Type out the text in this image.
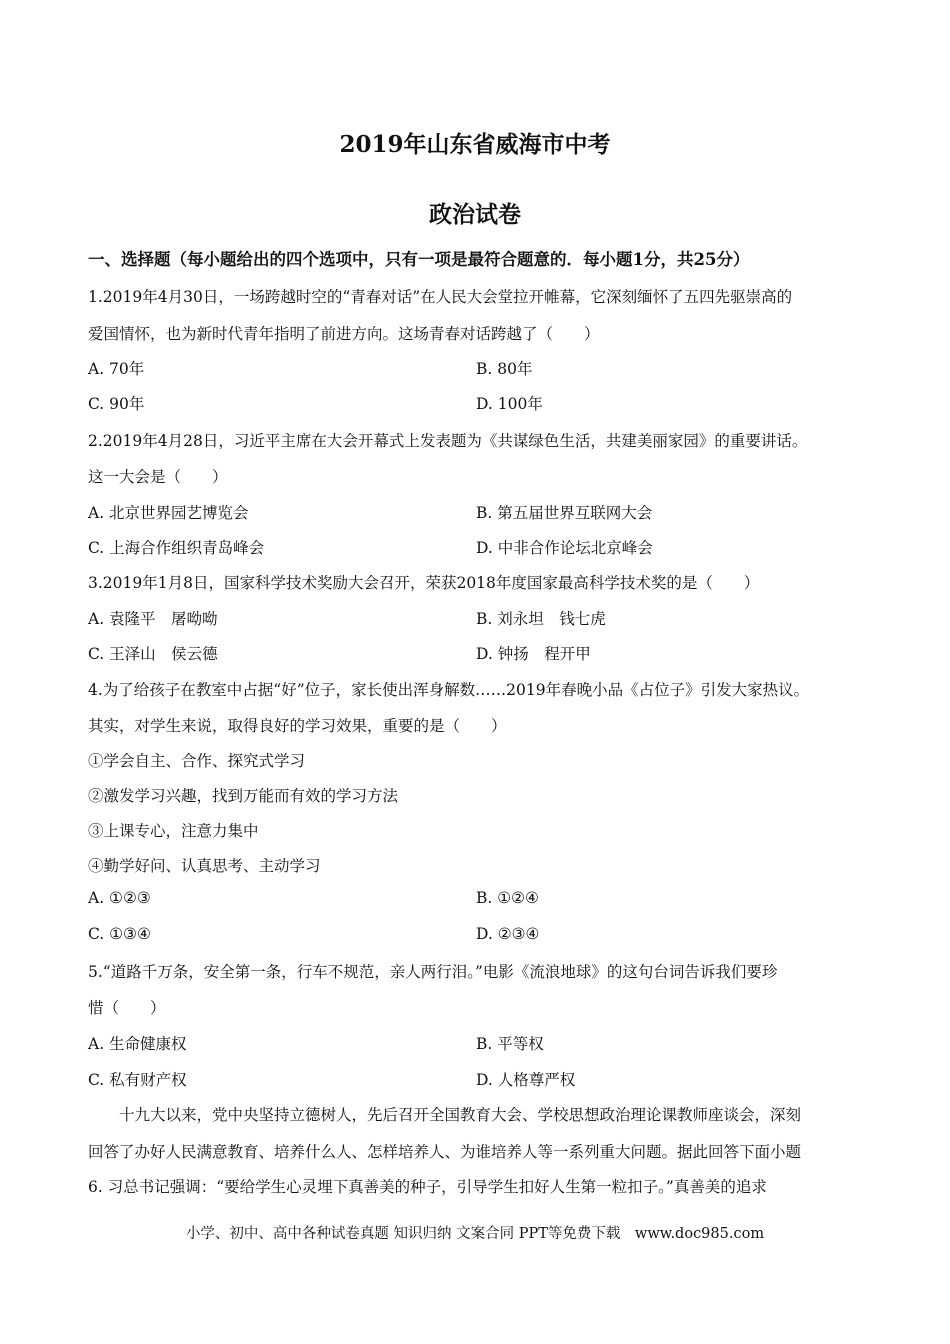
2019年山东省威海市中考
政治试卷
一、选择题（每小题给出的四个选项中，只有一项是最符合题意的．每小题1分，共25分）
1.2019年4月30日，一场跨越时空的“青春对话”在人民大会堂拉开帷幕，它深刻缅怀了五四先驱崇高的
爱国情怀，也为新时代青年指明了前进方向。这场青春对话跨越了（　　）
A. 70年	B. 80年
C. 90年	D. 100年
2.2019年4月28日，习近平主席在大会开幕式上发表题为《共谋绿色生活，共建美丽家园》的重要讲话。
这一大会是（　　）
A. 北京世界园艺博览会	B. 第五届世界互联网大会
C. 上海合作组织青岛峰会	D. 中非合作论坛北京峰会
3.2019年1月8日，国家科学技术奖励大会召开，荣获2018年度国家最高科学技术奖的是（　　）
A. 袁隆平　屠呦呦	B. 刘永坦　钱七虎
C. 王泽山　侯云德	D. 钟扬　程开甲
4.为了给孩子在教室中占据“好”位子，家长使出浑身解数……2019年春晚小品《占位子》引发大家热议。
其实，对学生来说，取得良好的学习效果，重要的是（　　）
①学会自主、合作、探究式学习
②激发学习兴趣，找到万能而有效的学习方法
③上课专心，注意力集中
④勤学好问、认真思考、主动学习
A. ①②③	B. ①②④
C. ①③④	D. ②③④
5.“道路千万条，安全第一条，行车不规范，亲人两行泪。”电影《流浪地球》的这句台词告诉我们要珍
惜（　　）
A. 生命健康权	B. 平等权
C. 私有财产权	D. 人格尊严权
　　十九大以来，党中央坚持立德树人，先后召开全国教育大会、学校思想政治理论课教师座谈会，深刻
回答了办好人民满意教育、培养什么人、怎样培养人、为谁培养人等一系列重大问题。据此回答下面小题
6. 习总书记强调：“要给学生心灵埋下真善美的种子，引导学生扣好人生第一粒扣子。”真善美的追求
小学、初中、高中各种试卷真题 知识归纳 文案合同 PPT等免费下载　www.doc985.com
